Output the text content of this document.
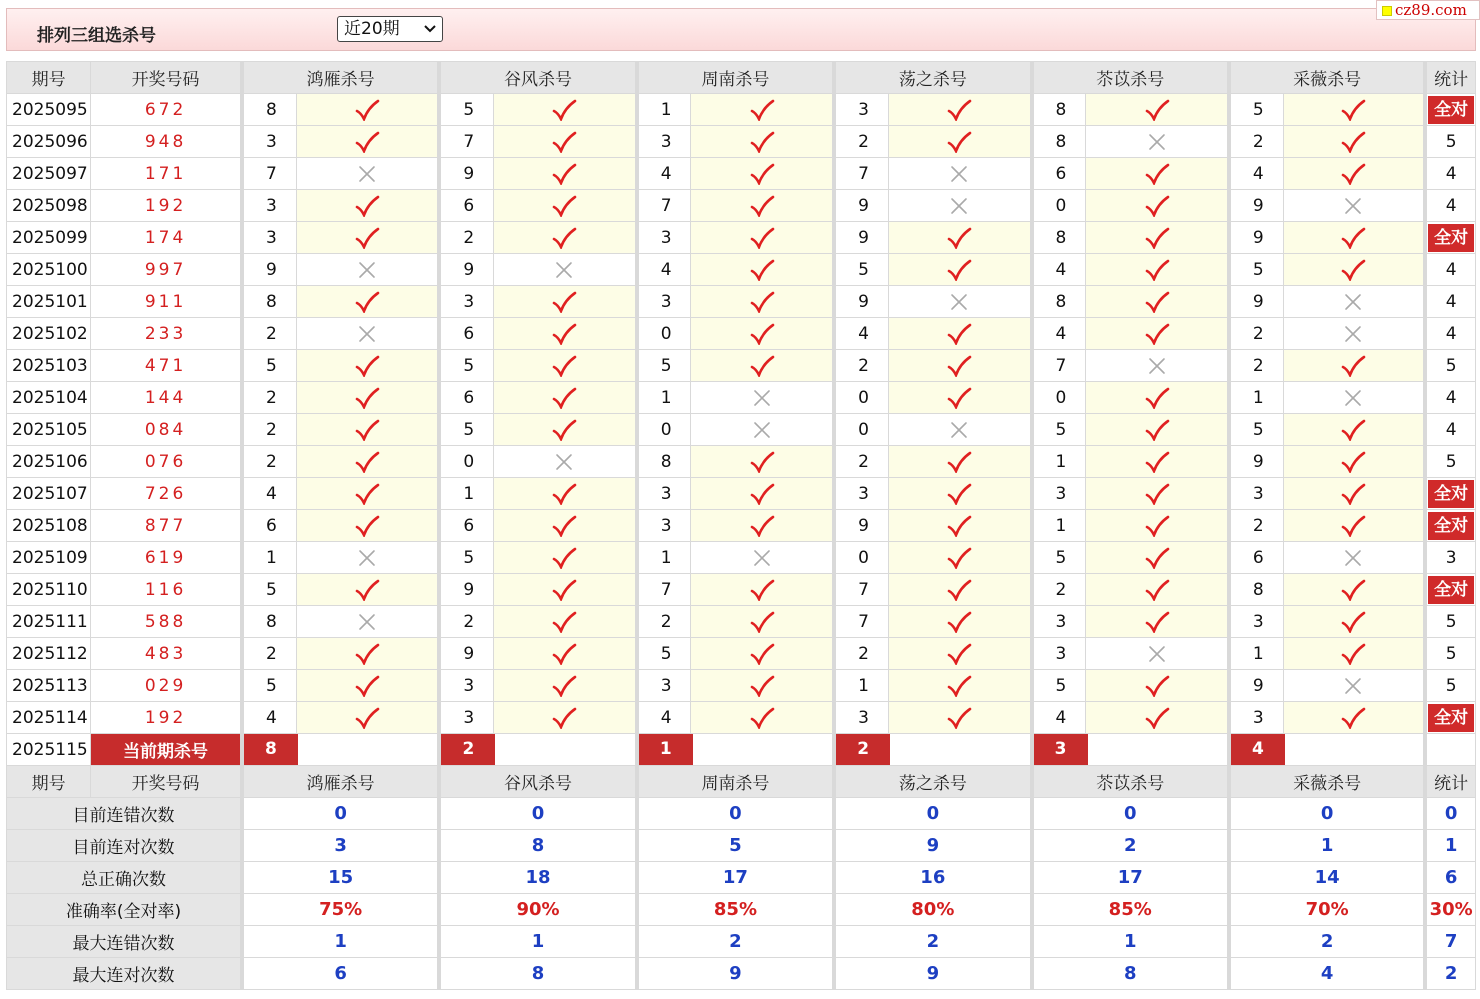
排列三组选杀号	近20期
cz89.com
期号	开奖号码	鸿雁杀号		谷风杀号		周南杀号		荡之杀号		苶苡杀号		采薇杀号		统计
2025095	672	8		5		1		3		8		5		全对
2025096	948	3		7		3		2		8		2		5
2025097	171	7		9		4		7		6		4		4
2025098	192	3		6		7		9		0		9		4
2025099	174	3		2		3		9		8		9		全对
2025100	997	9		9		4		5		4		5		4
2025101	911	8		3		3		9		8		9		4
2025102	233	2		6		0		4		4		2		4
2025103	471	5		5		5		2		7		2		5
2025104	144	2		6		1		0		0		1		4
2025105	084	2		5		0		0		5		5		4
2025106	076	2		0		8		2		1		9		5
2025107	726	4		1		3		3		3		3		全对
2025108	877	6		6		3		9		1		2		全对
2025109	619	1		5		1		0		5		6		3
2025110	116	5		9		7		7		2		8		全对
2025111	588	8		2		2		7		3		3		5
2025112	483	2		9		5		2		3		1		5
2025113	029	5		3		3		1		5		9		5
2025114	192	4		3		4		3		4		3		全对
2025115	当前期杀号	8		2		1		2		3		4		
期号	开奖号码	鸿雁杀号		谷风杀号		周南杀号		荡之杀号		苶苡杀号		采薇杀号		统计
目前连错次数		0		0		0		0		0		0		0
目前连对次数		3		8		5		9		2		1		1
总正确次数		15		18		17		16		17		14		6
准确率(全对率)		75%		90%		85%		80%		85%		70%		30%
最大连错次数		1		1		2		2		1		2		7
最大连对次数		6		8		9		9		8		4		2
